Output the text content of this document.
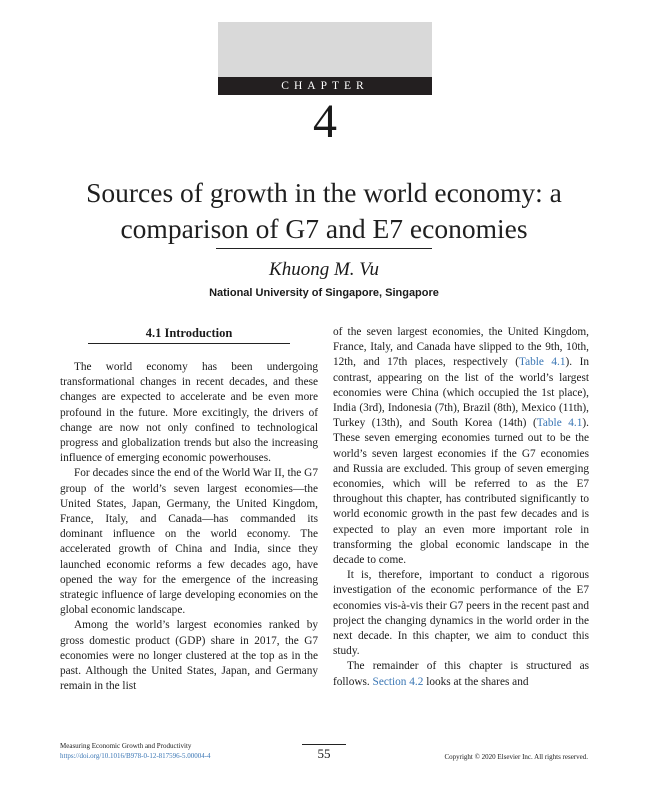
CHAPTER
4
Sources of growth in the world economy: a
comparison of G7 and E7 economies
Khuong M. Vu
National University of Singapore, Singapore
4.1 Introduction

The world economy has been undergoing transformational changes in recent decades, and these changes are expected to accelerate and be even more profound in the future. More excitingly, the drivers of change are now not only confined to technological progress and globalization trends but also the increasing influence of emerging economic powerhouses.

For decades since the end of the World War II, the G7 group of the world’s seven largest economies—the United States, Japan, Germany, the United Kingdom, France, Italy, and Canada—has commanded its dominant influence on the world economy. The accelerated growth of China and India, since they launched economic reforms a few decades ago, have opened the way for the emergence of the increasing strategic influence of large developing economies on the global economic landscape.

Among the world’s largest economies ranked by gross domestic product (GDP) share in 2017, the G7 economies were no longer clustered at the top as in the past. Although the United States, Japan, and Germany remain in the list

of the seven largest economies, the United Kingdom, France, Italy, and Canada have slipped to the 9th, 10th, 12th, and 17th places, respectively (Table 4.1). In contrast, appearing on the list of the world’s largest economies were China (which occupied the 1st place), India (3rd), Indonesia (7th), Brazil (8th), Mexico (11th), Turkey (13th), and South Korea (14th) (Table 4.1). These seven emerging economies turned out to be the world’s seven largest economies if the G7 economies and Russia are excluded. This group of seven emerging economies, which will be referred to as the E7 throughout this chapter, has contributed significantly to world economic growth in the past few decades and is expected to play an even more important role in transforming the global economic landscape in the decade to come.

It is, therefore, important to conduct a rigorous investigation of the economic performance of the E7 economies vis-à-vis their G7 peers in the recent past and project the changing dynamics in the world order in the next decade. In this chapter, we aim to conduct this study.

The remainder of this chapter is structured as follows. Section 4.2 looks at the shares and

Measuring Economic Growth and Productivity
https://doi.org/10.1016/B978-0-12-817596-5.00004-4	55	Copyright © 2020 Elsevier Inc. All rights reserved.
